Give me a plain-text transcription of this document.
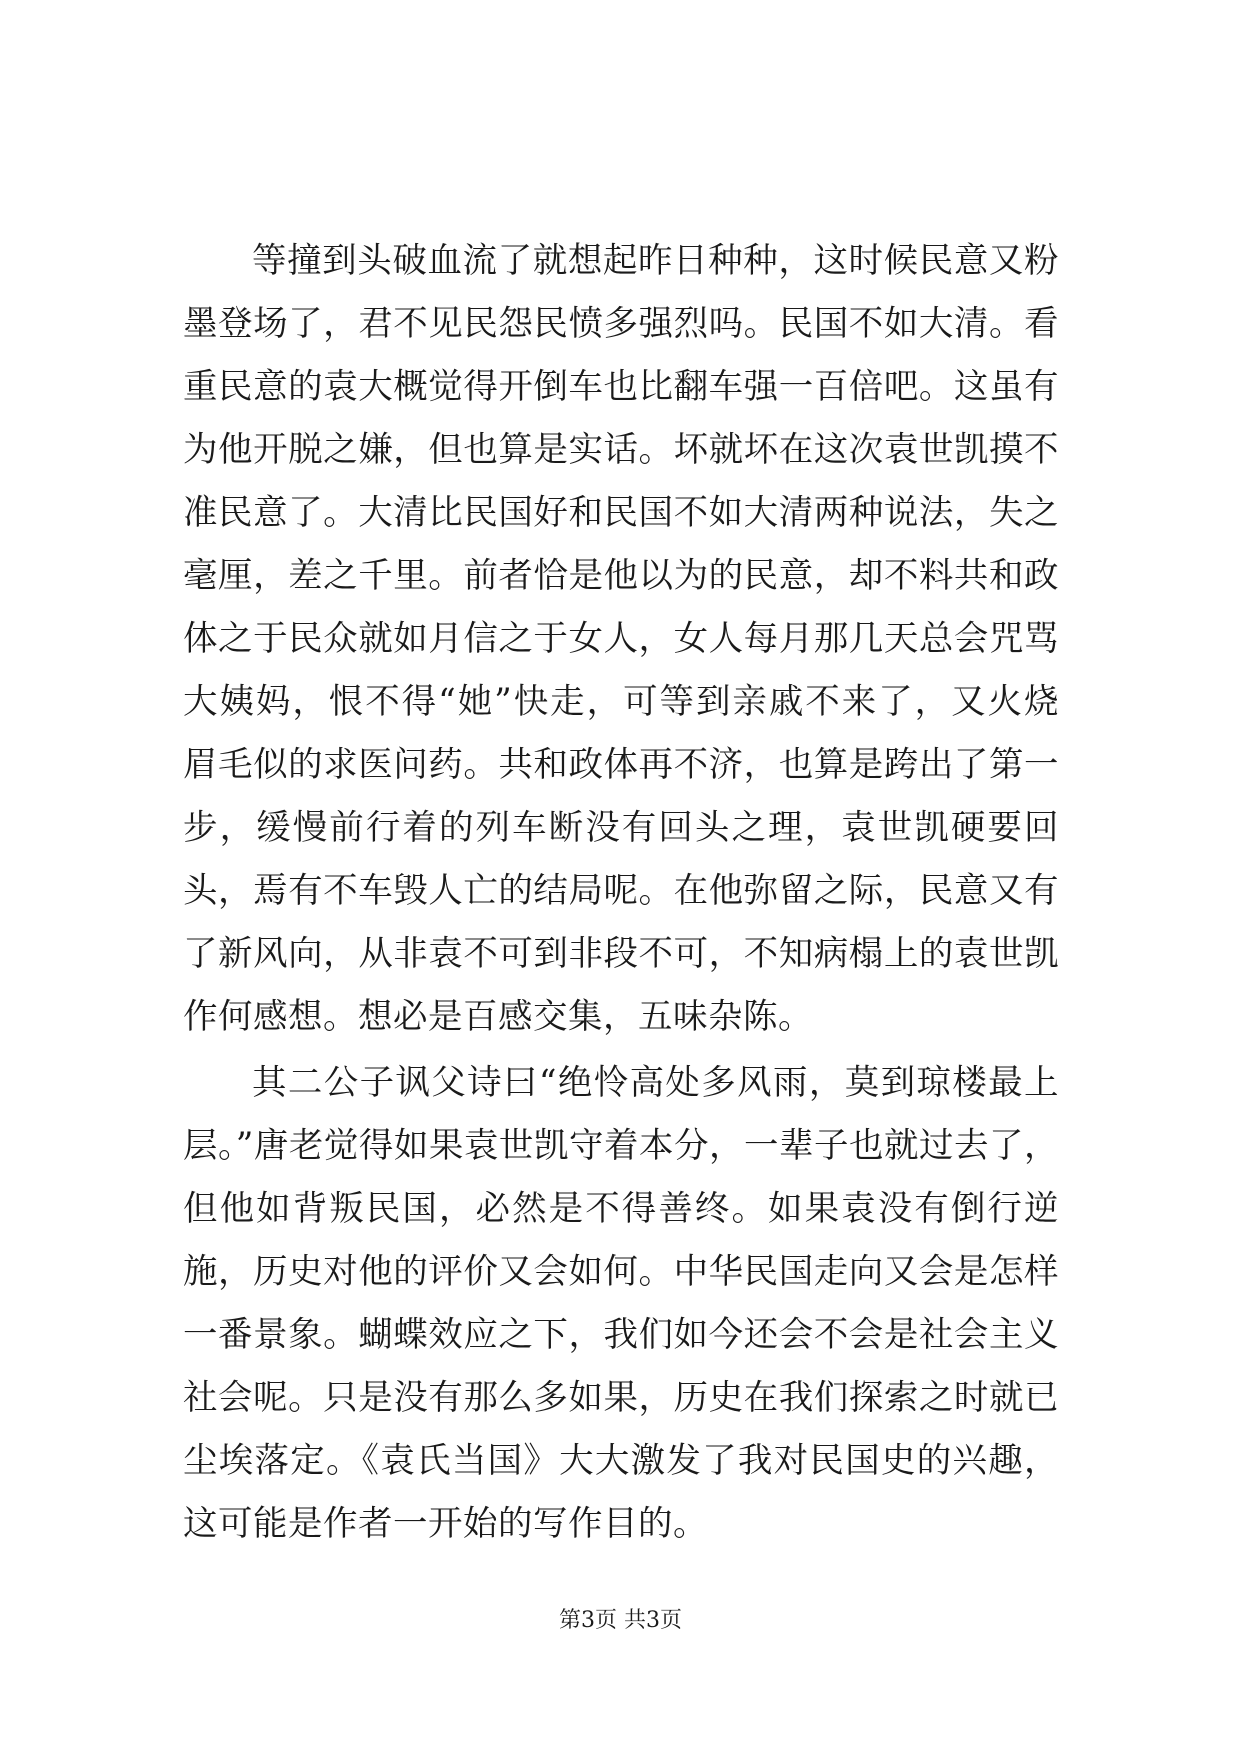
等撞到头破血流了就想起昨日种种，这时候民意又粉墨登场了，君不见民怨民愤多强烈吗。民国不如大清。看重民意的袁大概觉得开倒车也比翻车强一百倍吧。这虽有为他开脱之嫌，但也算是实话。坏就坏在这次袁世凯摸不准民意了。大清比民国好和民国不如大清两种说法，失之毫厘，差之千里。前者恰是他以为的民意，却不料共和政体之于民众就如月信之于女人，女人每月那几天总会咒骂大姨妈，恨不得“她”快走，可等到亲戚不来了，又火烧眉毛似的求医问药。共和政体再不济，也算是跨出了第一步，缓慢前行着的列车断没有回头之理，袁世凯硬要回头，焉有不车毁人亡的结局呢。在他弥留之际，民意又有了新风向，从非袁不可到非段不可，不知病榻上的袁世凯作何感想。想必是百感交集，五味杂陈。

其二公子讽父诗曰“绝怜高处多风雨，莫到琼楼最上层。”唐老觉得如果袁世凯守着本分，一辈子也就过去了，但他如背叛民国，必然是不得善终。如果袁没有倒行逆施，历史对他的评价又会如何。中华民国走向又会是怎样一番景象。蝴蝶效应之下，我们如今还会不会是社会主义社会呢。只是没有那么多如果，历史在我们探索之时就已尘埃落定。《袁氏当国》大大激发了我对民国史的兴趣，这可能是作者一开始的写作目的。

第3页 共3页
